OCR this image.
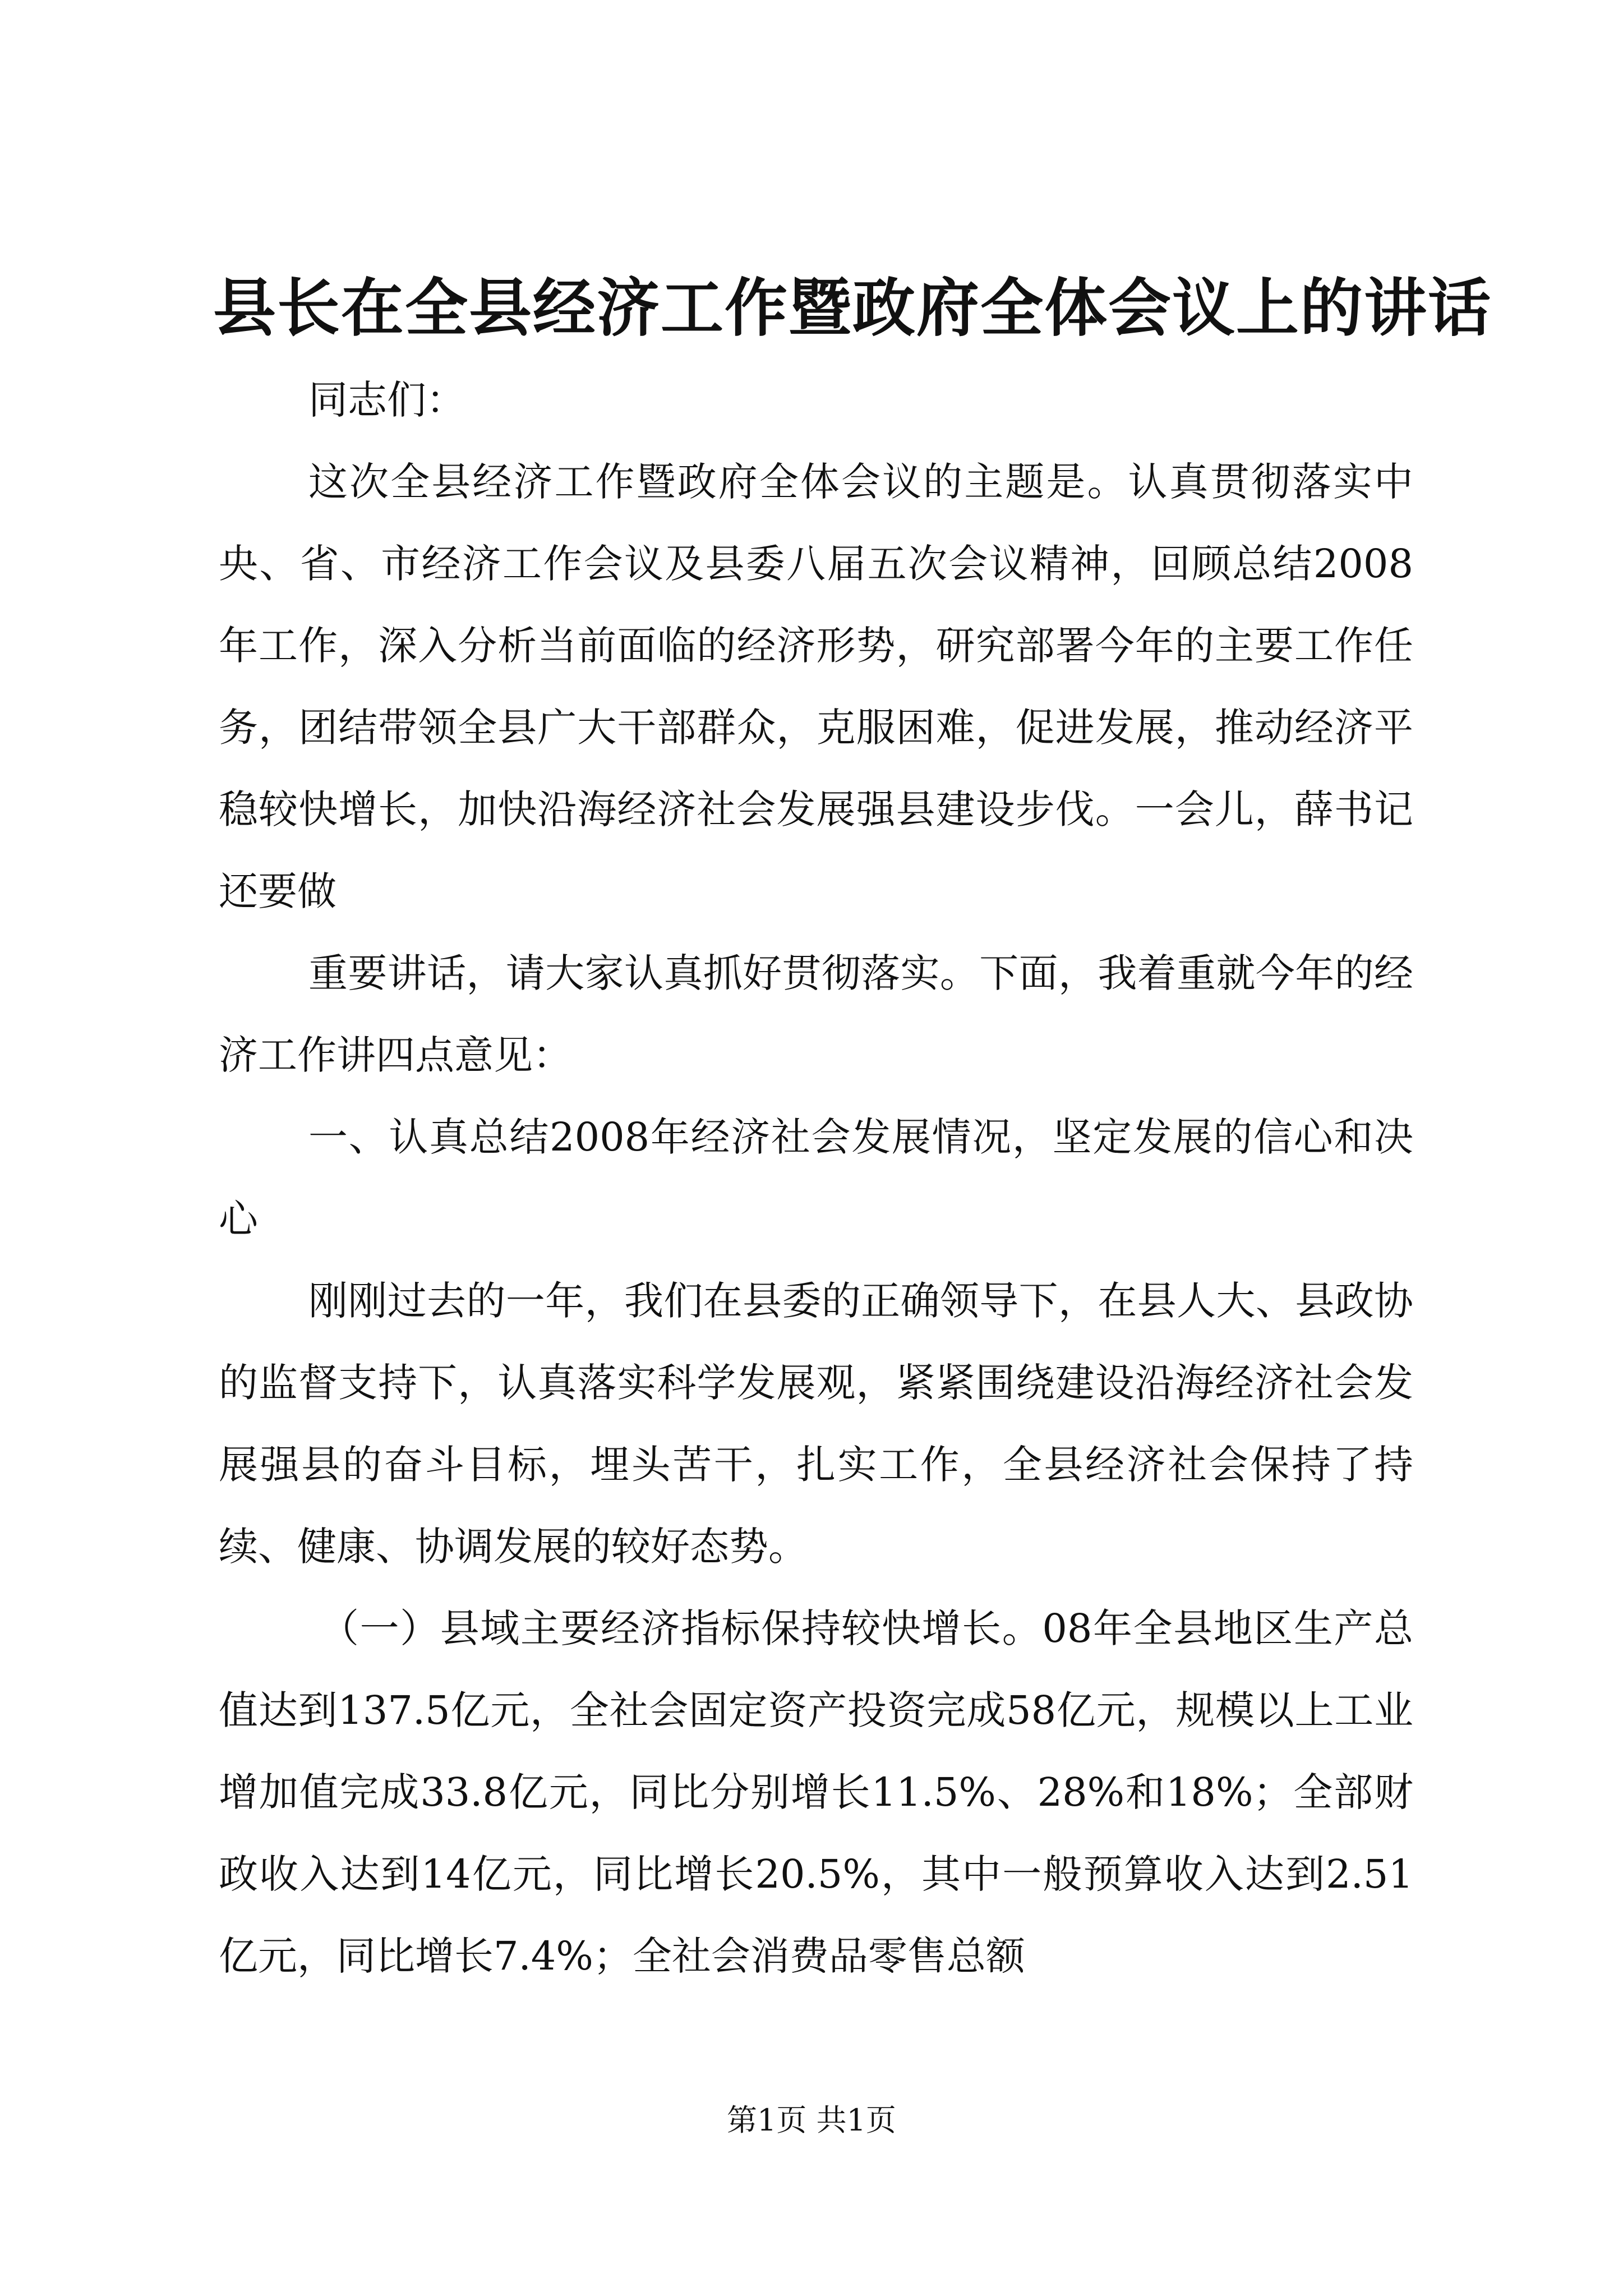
县长在全县经济工作暨政府全体会议上的讲话

同志们：

这次全县经济工作暨政府全体会议的主题是。认真贯彻落实中央、省、市经济工作会议及县委八届五次会议精神，回顾总结2008年工作，深入分析当前面临的经济形势，研究部署今年的主要工作任务，团结带领全县广大干部群众，克服困难，促进发展，推动经济平稳较快增长，加快沿海经济社会发展强县建设步伐。一会儿，薛书记还要做

重要讲话，请大家认真抓好贯彻落实。下面，我着重就今年的经济工作讲四点意见：

一、认真总结2008年经济社会发展情况，坚定发展的信心和决心

刚刚过去的一年，我们在县委的正确领导下，在县人大、县政协的监督支持下，认真落实科学发展观，紧紧围绕建设沿海经济社会发展强县的奋斗目标，埋头苦干，扎实工作，全县经济社会保持了持续、健康、协调发展的较好态势。

（一）县域主要经济指标保持较快增长。08年全县地区生产总值达到137.5亿元，全社会固定资产投资完成58亿元，规模以上工业增加值完成33.8亿元，同比分别增长11.5%、28%和18%；全部财政收入达到14亿元，同比增长20.5%，其中一般预算收入达到2.51亿元，同比增长7.4%；全社会消费品零售总额

第1页 共1页
